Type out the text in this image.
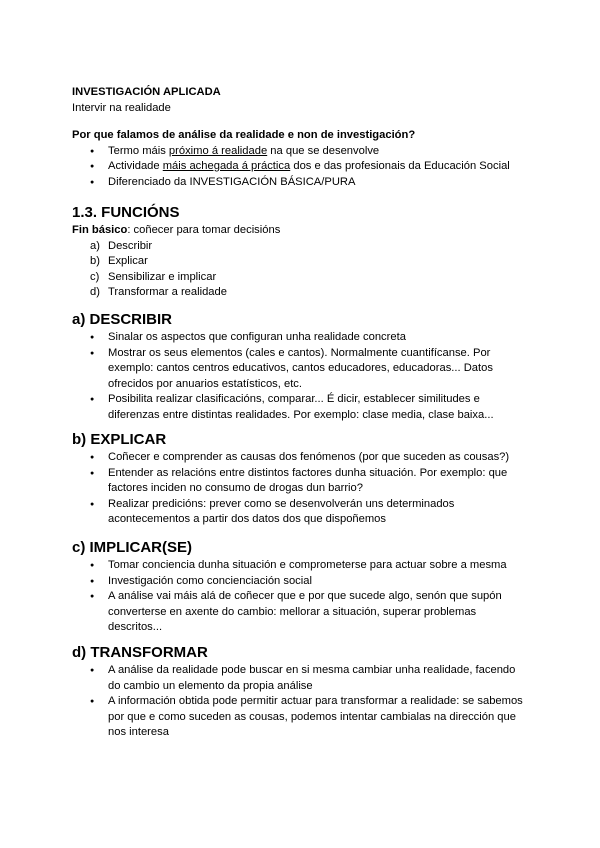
INVESTIGACIÓN APLICADA
Intervir na realidade
Por que falamos de análise da realidade e non de investigación?
● Termo máis próximo á realidade na que se desenvolve
● Actividade máis achegada á práctica dos e das profesionais da Educación Social
● Diferenciado da INVESTIGACIÓN BÁSICA/PURA
1.3. FUNCIÓNS
Fin básico: coñecer para tomar decisións
a) Describir
b) Explicar
c) Sensibilizar e implicar
d) Transformar a realidade
a) DESCRIBIR
● Sinalar os aspectos que configuran unha realidade concreta
● Mostrar os seus elementos (cales e cantos). Normalmente cuantifícanse. Por
exemplo: cantos centros educativos, cantos educadores, educadoras... Datos
ofrecidos por anuarios estatísticos, etc.
● Posibilita realizar clasificacións, comparar... É dicir, establecer similitudes e
diferenzas entre distintas realidades. Por exemplo: clase media, clase baixa...
b) EXPLICAR
● Coñecer e comprender as causas dos fenómenos (por que suceden as cousas?)
● Entender as relacións entre distintos factores dunha situación. Por exemplo: que
factores inciden no consumo de drogas dun barrio?
● Realizar predicións: prever como se desenvolverán uns determinados
acontecementos a partir dos datos dos que dispoñemos
c) IMPLICAR(SE)
● Tomar conciencia dunha situación e comprometerse para actuar sobre a mesma
● Investigación como concienciación social
● A análise vai máis alá de coñecer que e por que sucede algo, senón que supón
converterse en axente do cambio: mellorar a situación, superar problemas
descritos...
d) TRANSFORMAR
● A análise da realidade pode buscar en si mesma cambiar unha realidade, facendo
do cambio un elemento da propia análise
● A información obtida pode permitir actuar para transformar a realidade: se sabemos
por que e como suceden as cousas, podemos intentar cambialas na dirección que
nos interesa
